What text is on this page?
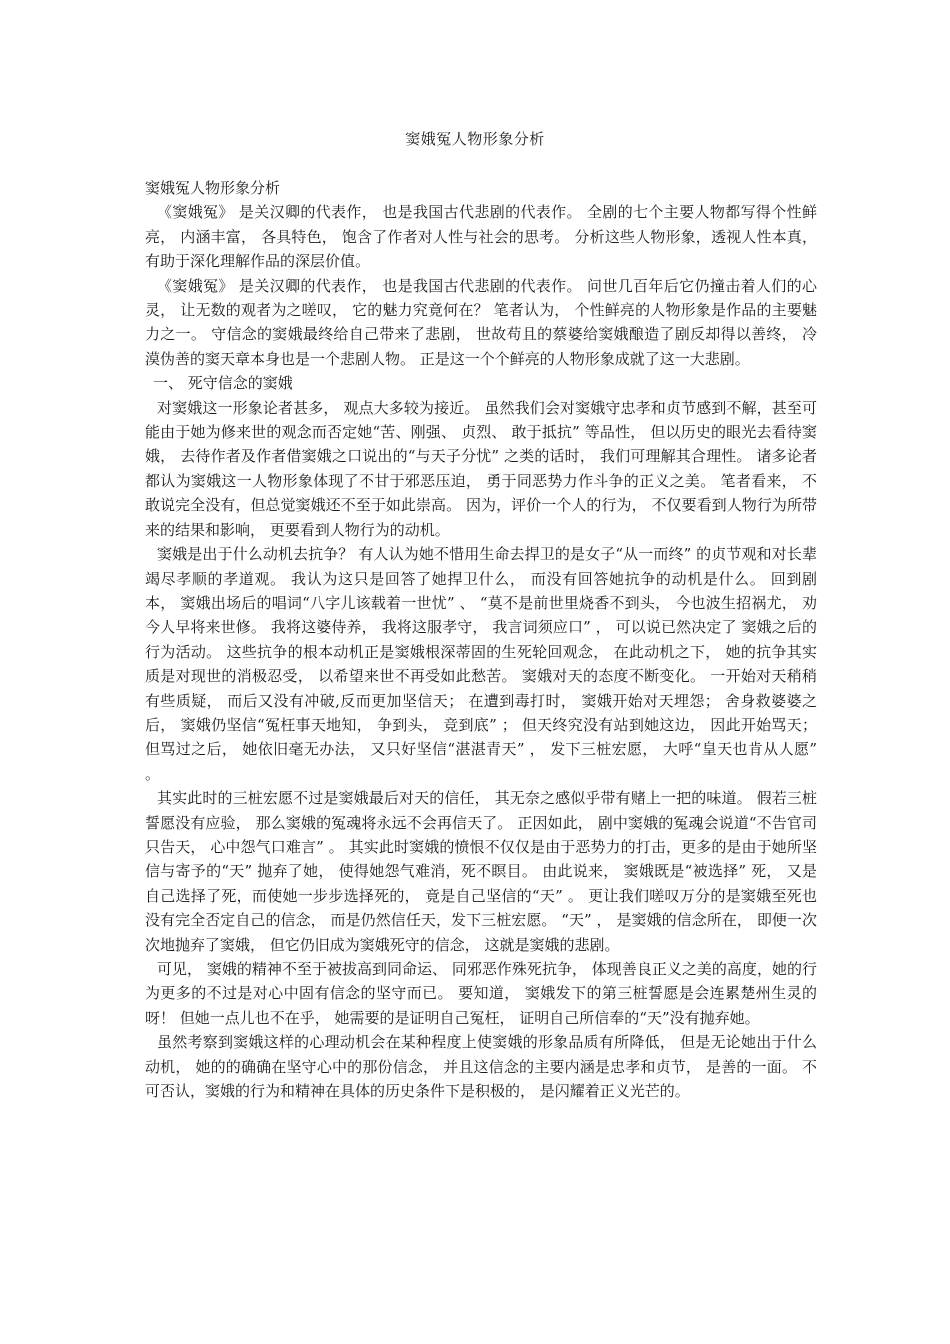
窦娥冤人物形象分析

窦娥冤人物形象分析

《窦娥冤》 是关汉卿的代表作， 也是我国古代悲剧的代表作。 全剧的七个主要人物都写得个性鲜亮， 内涵丰富， 各具特色， 饱含了作者对人性与社会的思考。 分析这些人物形象，透视人性本真， 有助于深化理解作品的深层价值。

《窦娥冤》 是关汉卿的代表作， 也是我国古代悲剧的代表作。 问世几百年后它仍撞击着人们的心灵， 让无数的观者为之嗟叹， 它的魅力究竟何在？ 笔者认为， 个性鲜亮的人物形象是作品的主要魅力之一。 守信念的窦娥最终给自己带来了悲剧， 世故苟且的蔡婆给窦娥酿造了剧反却得以善终， 冷漠伪善的窦天章本身也是一个悲剧人物。 正是这一个个鲜亮的人物形象成就了这一大悲剧。

一、 死守信念的窦娥

对窦娥这一形象论者甚多， 观点大多较为接近。 虽然我们会对窦娥守忠孝和贞节感到不解，甚至可能由于她为修来世的观念而否定她“苦、刚强、 贞烈、 敢于抵抗” 等品性， 但以历史的眼光去看待窦娥， 去待作者及作者借窦娥之口说出的“与天子分忧” 之类的话时， 我们可理解其合理性。 诸多论者都认为窦娥这一人物形象体现了不甘于邪恶压迫， 勇于同恶势力作斗争的正义之美。 笔者看来， 不敢说完全没有，但总觉窦娥还不至于如此崇高。 因为，评价一个人的行为， 不仅要看到人物行为所带来的结果和影响， 更要看到人物行为的动机。

窦娥是出于什么动机去抗争？ 有人认为她不惜用生命去捍卫的是女子“从一而终” 的贞节观和对长辈竭尽孝顺的孝道观。 我认为这只是回答了她捍卫什么， 而没有回答她抗争的动机是什么。 回到剧本， 窦娥出场后的唱词“八字儿该载着一世忧” 、 “莫不是前世里烧香不到头， 今也波生招祸尤， 劝今人早将来世修。 我将这婆侍养， 我将这服孝守， 我言词须应口” ， 可以说已然决定了 窦娥之后的行为活动。 这些抗争的根本动机正是窦娥根深蒂固的生死轮回观念， 在此动机之下， 她的抗争其实质是对现世的消极忍受， 以希望来世不再受如此愁苦。 窦娥对天的态度不断变化。 一开始对天稍稍有些质疑， 而后又没有冲破,反而更加坚信天； 在遭到毒打时， 窦娥开始对天埋怨； 舍身救婆婆之后， 窦娥仍坚信“冤枉事天地知， 争到头， 竞到底” ； 但天终究没有站到她这边， 因此开始骂天； 但骂过之后， 她依旧毫无办法， 又只好坚信“湛湛青天” ， 发下三桩宏愿， 大呼“皇天也肯从人愿” 。

其实此时的三桩宏愿不过是窦娥最后对天的信任， 其无奈之感似乎带有赌上一把的味道。 假若三桩誓愿没有应验， 那么窦娥的冤魂将永远不会再信天了。 正因如此， 剧中窦娥的冤魂会说道“不告官司只告天， 心中怨气口难言” 。 其实此时窦娥的愤恨不仅仅是由于恶势力的打击，更多的是由于她所坚信与寄予的“天” 抛弃了她， 使得她怨气难消，死不瞑目。 由此说来， 窦娥既是“被选择” 死， 又是自己选择了死，而使她一步步选择死的， 竟是自己坚信的“天” 。 更让我们嗟叹万分的是窦娥至死也没有完全否定自己的信念， 而是仍然信任天，发下三桩宏愿。 “天” ， 是窦娥的信念所在， 即便一次次地抛弃了窦娥， 但它仍旧成为窦娥死守的信念， 这就是窦娥的悲剧。

可见， 窦娥的精神不至于被拔高到同命运、 同邪恶作殊死抗争， 体现善良正义之美的高度，她的行为更多的不过是对心中固有信念的坚守而已。 要知道， 窦娥发下的第三桩誓愿是会连累楚州生灵的呀！ 但她一点儿也不在乎， 她需要的是证明自己冤枉， 证明自己所信奉的“天”没有抛弃她。

虽然考察到窦娥这样的心理动机会在某种程度上使窦娥的形象品质有所降低， 但是无论她出于什么动机， 她的的确确在坚守心中的那份信念， 并且这信念的主要内涵是忠孝和贞节， 是善的一面。 不可否认，窦娥的行为和精神在具体的历史条件下是积极的， 是闪耀着正义光芒的。
